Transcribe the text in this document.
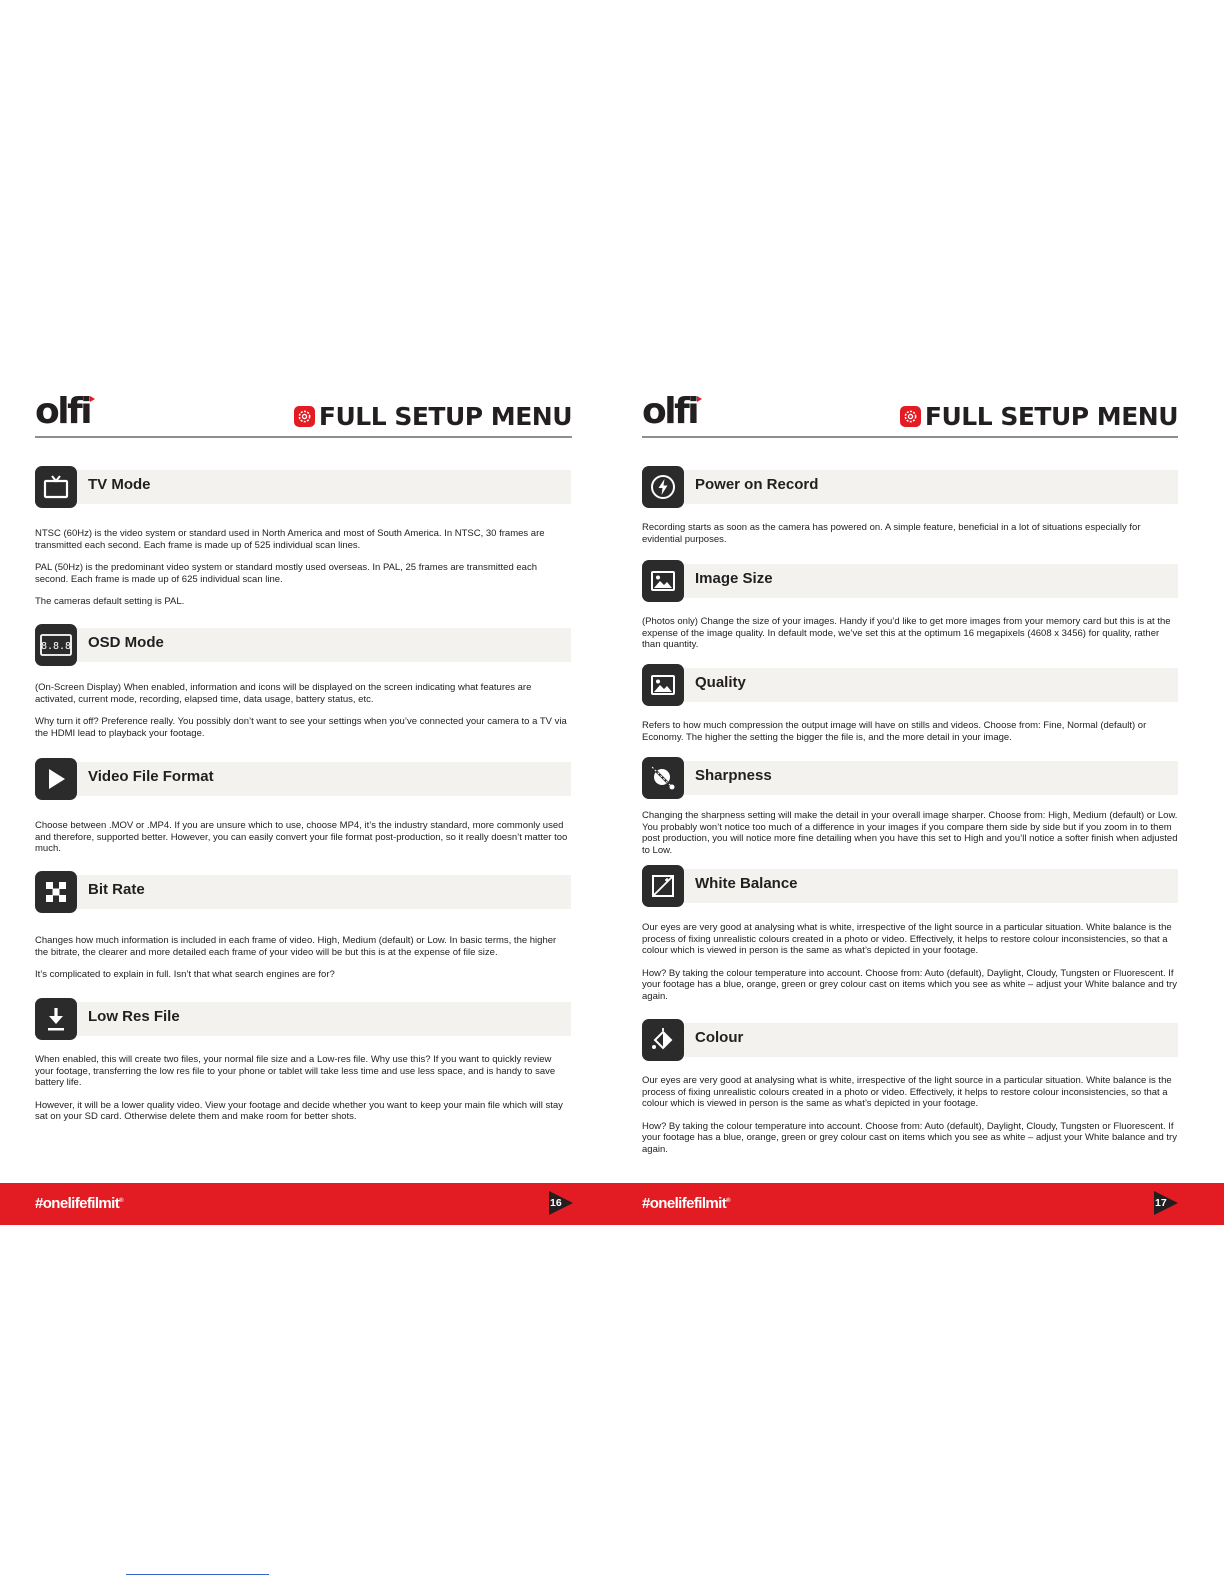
olfi	FULL SETUP MENU
TV Mode

NTSC (60Hz) is the video system or standard used in North America and most of South America. In NTSC, 30 frames are transmitted each second. Each frame is made up of 525 individual scan lines.

PAL (50Hz) is the predominant video system or standard mostly used overseas. In PAL, 25 frames are transmitted each second. Each frame is made up of 625 individual scan line.

The cameras default setting is PAL.

8.8.8 OSD Mode

(On-Screen Display) When enabled, information and icons will be displayed on the screen indicating what features are activated, current mode, recording, elapsed time, data usage, battery status, etc.

Why turn it off? Preference really. You possibly don’t want to see your settings when you’ve connected your camera to a TV via the HDMI lead to playback your footage.

Video File Format

Choose between .MOV or .MP4. If you are unsure which to use, choose MP4, it’s the industry standard, more commonly used and therefore, supported better. However, you can easily convert your file format post-production, so it really doesn’t matter too much.

Bit Rate

Changes how much information is included in each frame of video. High, Medium (default) or Low. In basic terms, the higher the bitrate, the clearer and more detailed each frame of your video will be but this is at the expense of file size.

It’s complicated to explain in full. Isn’t that what search engines are for?

Low Res File

When enabled, this will create two files, your normal file size and a Low-res file. Why use this? If you want to quickly review your footage, transferring the low res file to your phone or tablet will take less time and use less space, and is handy to save battery life.

However, it will be a lower quality video. View your footage and decide whether you want to keep your main file which will stay sat on your SD card. Otherwise delete them and make room for better shots.

#onelifefilmit®	16
olfi	FULL SETUP MENU
Power on Record

Recording starts as soon as the camera has powered on. A simple feature, beneficial in a lot of situations especially for evidential purposes.

Image Size

(Photos only) Change the size of your images. Handy if you’d like to get more images from your memory card but this is at the expense of the image quality. In default mode, we’ve set this at the optimum 16 megapixels (4608 x 3456) for quality, rather than quantity.

Quality

Refers to how much compression the output image will have on stills and videos. Choose from: Fine, Normal (default) or Economy. The higher the setting the bigger the file is, and the more detail in your image.

Sharpness

Changing the sharpness setting will make the detail in your overall image sharper. Choose from: High, Medium (default) or Low. You probably won’t notice too much of a difference in your images if you compare them side by side but if you zoom in to them post production, you will notice more fine detailing when you have this set to High and you’ll notice a softer finish when adjusted to Low.

White Balance

Our eyes are very good at analysing what is white, irrespective of the light source in a particular situation. White balance is the process of fixing unrealistic colours created in a photo or video. Effectively, it helps to restore colour inconsistencies, so that a colour which is viewed in person is the same as what’s depicted in your footage.

How? By taking the colour temperature into account. Choose from: Auto (default), Daylight, Cloudy, Tungsten or Fluorescent. If your footage has a blue, orange, green or grey colour cast on items which you see as white – adjust your White balance and try again.

Colour

Our eyes are very good at analysing what is white, irrespective of the light source in a particular situation. White balance is the process of fixing unrealistic colours created in a photo or video. Effectively, it helps to restore colour inconsistencies, so that a colour which is viewed in person is the same as what’s depicted in your footage.

How? By taking the colour temperature into account. Choose from: Auto (default), Daylight, Cloudy, Tungsten or Fluorescent. If your footage has a blue, orange, green or grey colour cast on items which you see as white – adjust your White balance and try again.

#onelifefilmit®	17
